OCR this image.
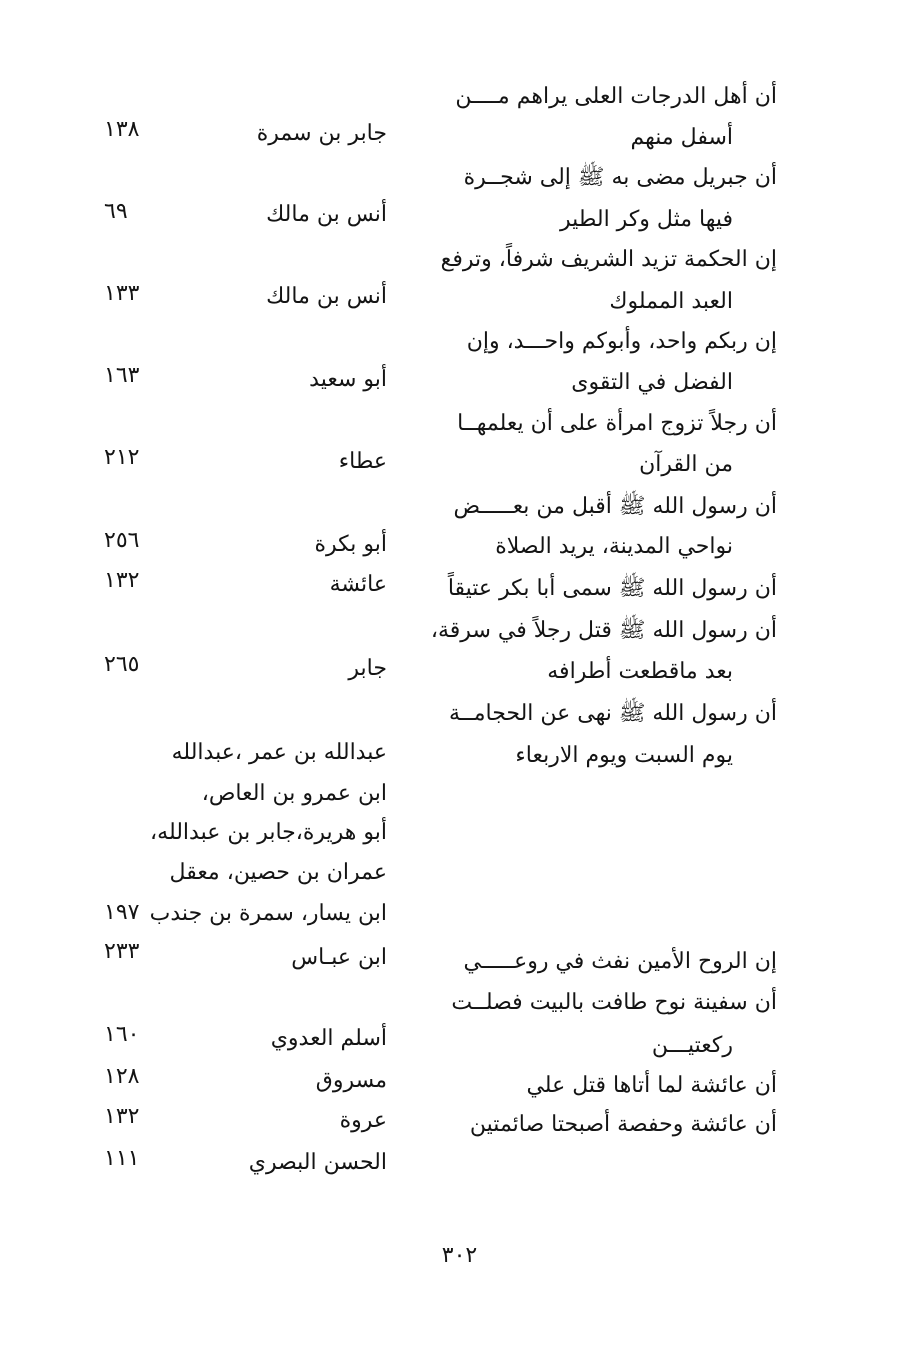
أن أهل الدرجات العلى يراهم مــــن
أسفل منهم
جابر بن سمرة
١٣٨
أن جبريل مضى به ﷺ إلى شجــرة
فيها مثل وكر الطير
أنس بن مالك
٦٩
إن الحكمة تزيد الشريف شرفاً، وترفع
العبد المملوك
أنس بن مالك
١٣٣
إن ربكم واحد، وأبوكم واحـــد، وإن
الفضل في التقوى
أبو سعيد
١٦٣
أن رجلاً تزوج امرأة على أن يعلمهــا
من القرآن
عطاء
٢١٢
أن رسول الله ﷺ أقبل من بعـــــض
نواحي المدينة، يريد الصلاة
أبو بكرة
٢٥٦
أن رسول الله ﷺ سمى أبا بكر عتيقاً
عائشة
١٣٢
أن رسول الله ﷺ قتل رجلاً في سرقة،
بعد ماقطعت أطرافه
جابر
٢٦٥
أن رسول الله ﷺ نهى عن الحجامــة
يوم السبت ويوم الاربعاء
عبدالله بن عمر ،عبدالله
ابن عمرو بن العاص،
أبو هريرة،جابر بن عبدالله،
عمران بن حصين، معقل
ابن يسار، سمرة بن جندب
١٩٧
إن الروح الأمين نفث في روعـــــي
ابن عبـاس
٢٣٣
أن سفينة نوح طافت بالبيت فصلــت
ركعتيـــن
أسلم العدوي
١٦٠
أن عائشة لما أتاها قتل علي
مسروق
١٢٨
أن عائشة وحفصة أصبحتا صائمتين
عروة
١٣٢
الحسن البصري
١١١
٣٠٢
